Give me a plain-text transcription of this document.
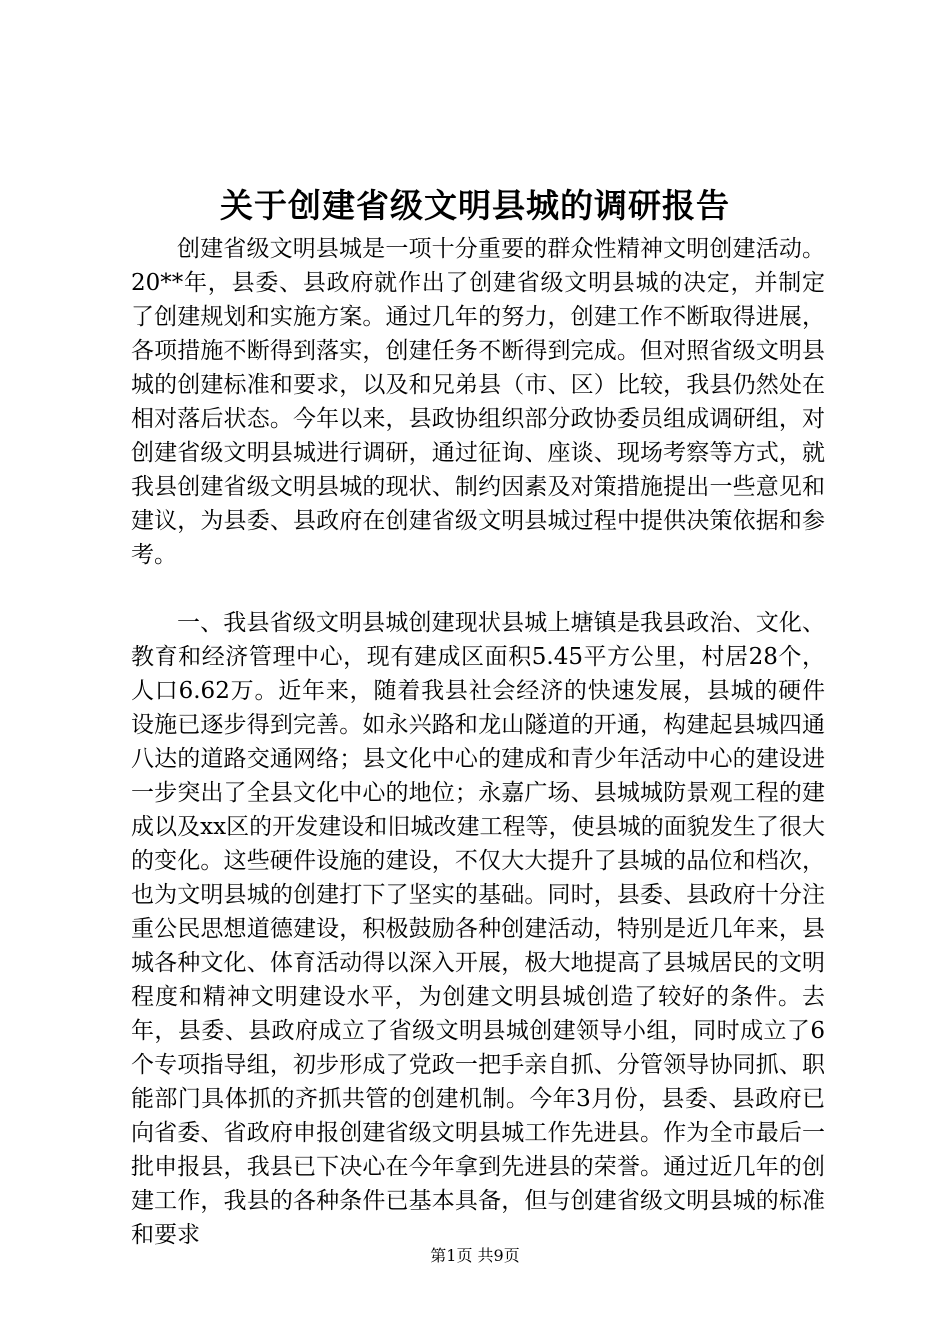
关于创建省级文明县城的调研报告

创建省级文明县城是一项十分重要的群众性精神文明创建活动。20**年，县委、县政府就作出了创建省级文明县城的决定，并制定了创建规划和实施方案。通过几年的努力，创建工作不断取得进展，各项措施不断得到落实，创建任务不断得到完成。但对照省级文明县城的创建标准和要求，以及和兄弟县（市、区）比较，我县仍然处在相对落后状态。今年以来，县政协组织部分政协委员组成调研组，对创建省级文明县城进行调研，通过征询、座谈、现场考察等方式，就我县创建省级文明县城的现状、制约因素及对策措施提出一些意见和建议，为县委、县政府在创建省级文明县城过程中提供决策依据和参考。

一、我县省级文明县城创建现状县城上塘镇是我县政治、文化、教育和经济管理中心，现有建成区面积5.45平方公里，村居28个，人口6.62万。近年来，随着我县社会经济的快速发展，县城的硬件设施已逐步得到完善。如永兴路和龙山隧道的开通，构建起县城四通八达的道路交通网络；县文化中心的建成和青少年活动中心的建设进一步突出了全县文化中心的地位；永嘉广场、县城城防景观工程的建成以及xx区的开发建设和旧城改建工程等，使县城的面貌发生了很大的变化。这些硬件设施的建设，不仅大大提升了县城的品位和档次，也为文明县城的创建打下了坚实的基础。同时，县委、县政府十分注重公民思想道德建设，积极鼓励各种创建活动，特别是近几年来，县城各种文化、体育活动得以深入开展，极大地提高了县城居民的文明程度和精神文明建设水平，为创建文明县城创造了较好的条件。去年，县委、县政府成立了省级文明县城创建领导小组，同时成立了6个专项指导组，初步形成了党政一把手亲自抓、分管领导协同抓、职能部门具体抓的齐抓共管的创建机制。今年3月份，县委、县政府已向省委、省政府申报创建省级文明县城工作先进县。作为全市最后一批申报县，我县已下决心在今年拿到先进县的荣誉。通过近几年的创建工作，我县的各种条件已基本具备，但与创建省级文明县城的标准和要求

第1页 共9页
